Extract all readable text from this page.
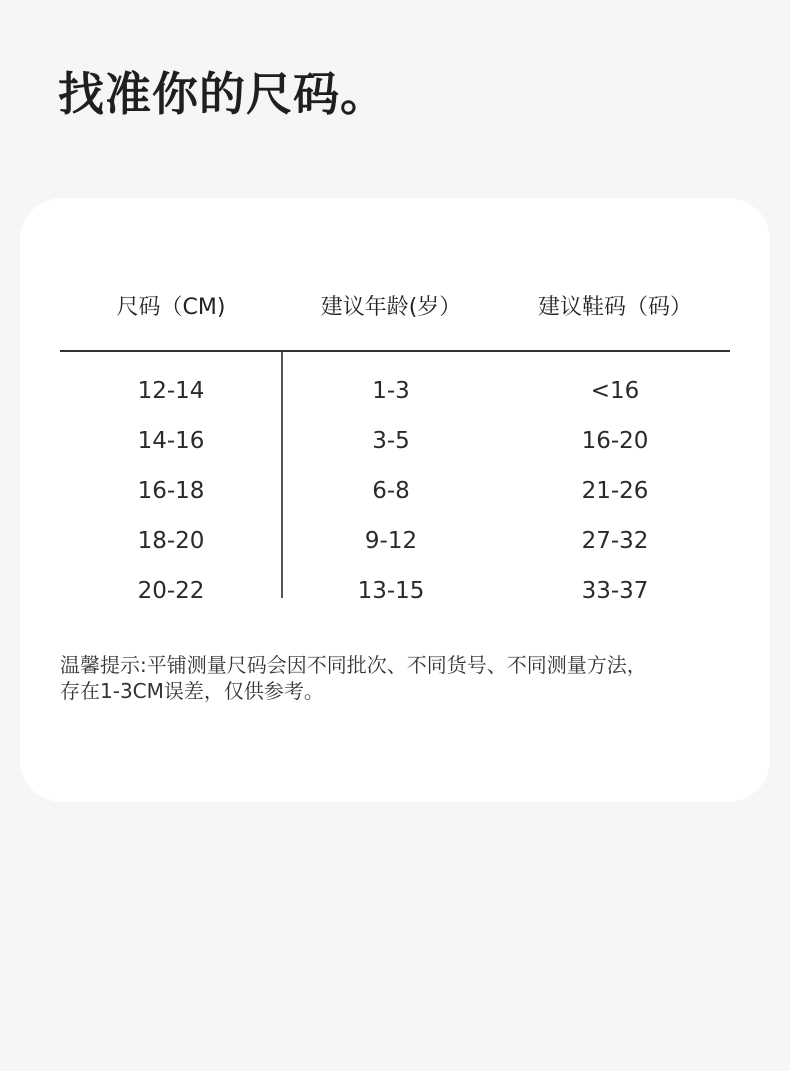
找准你的尺码。
尺码（CM)	建议年龄(岁）	建议鞋码（码）
12-14	1-3	<16
14-16	3-5	16-20
16-18	6-8	21-26
18-20	9-12	27-32
20-22	13-15	33-37
温馨提示:平铺测量尺码会因不同批次、不同货号、不同测量方法，
存在1-3CM误差，仅供参考。
